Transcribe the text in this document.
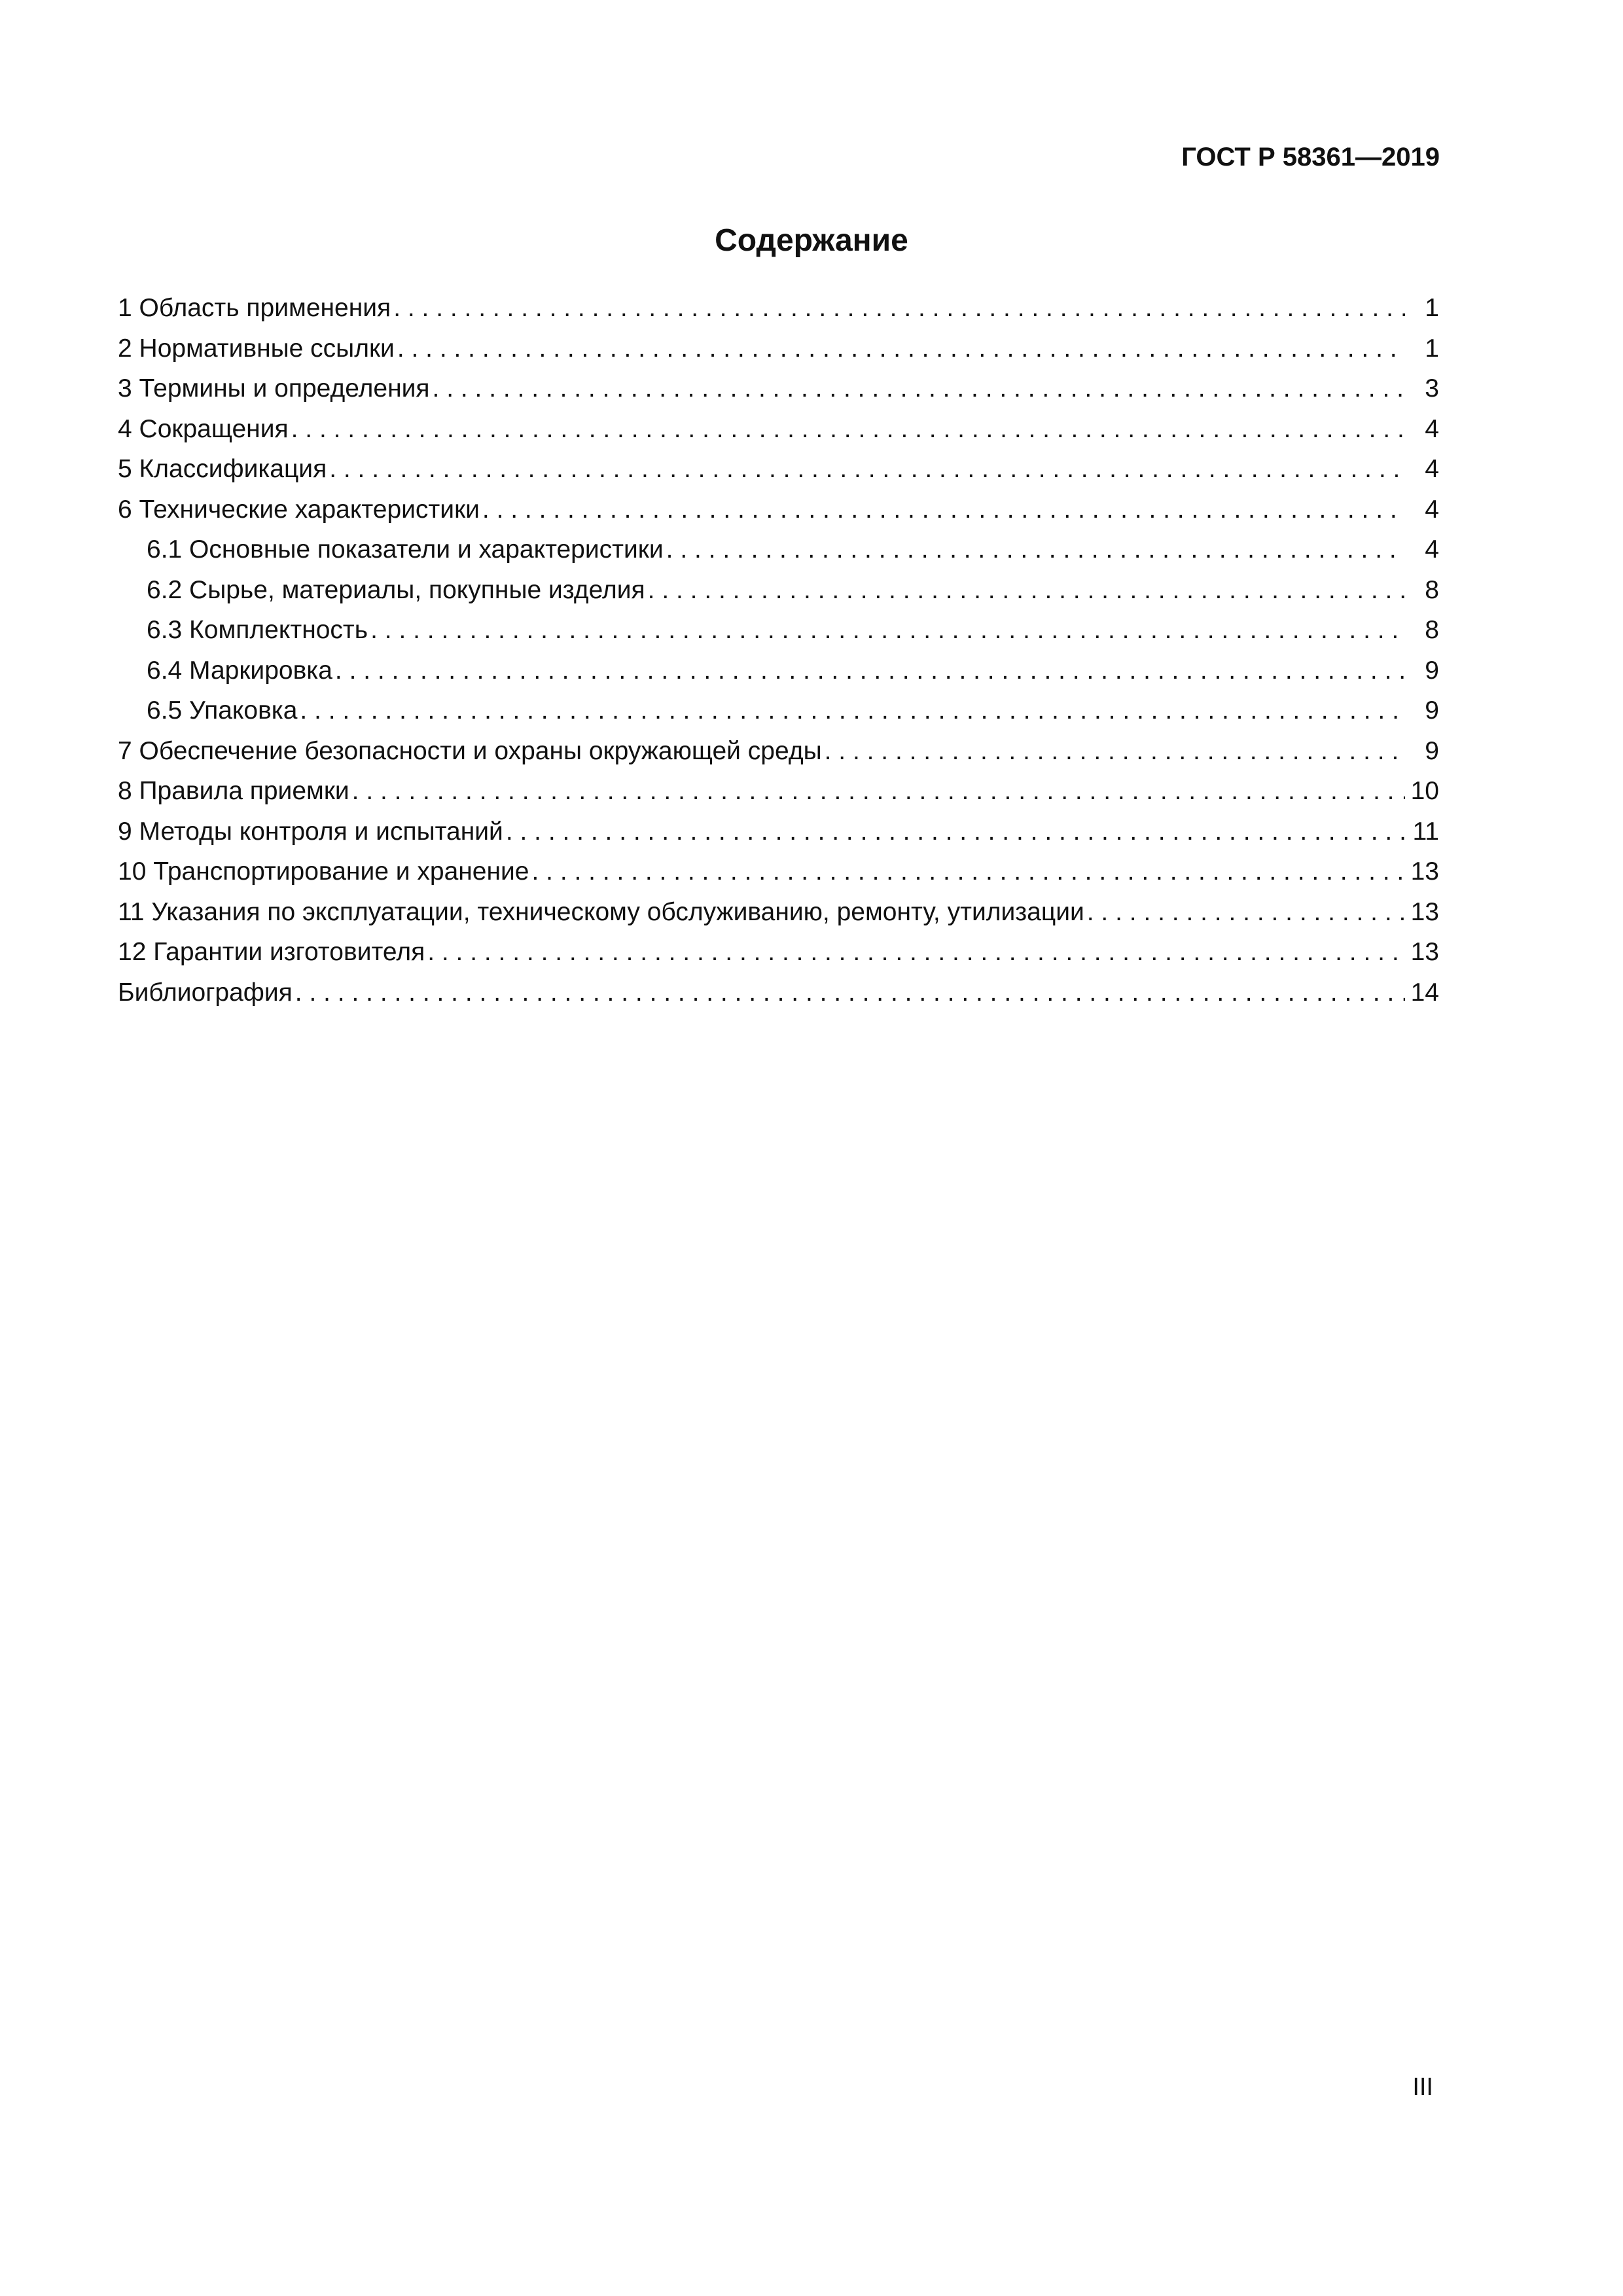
ГОСТ Р 58361—2019
Содержание
1 Область применения . . .	1
2 Нормативные ссылки . . .	1
3 Термины и определения . . .	3
4 Сокращения . . .	4
5 Классификация . . .	4
6 Технические характеристики . . .	4
6.1 Основные показатели и характеристики . . .	4
6.2 Сырье, материалы, покупные изделия . . .	8
6.3 Комплектность . . .	8
6.4 Маркировка . . .	9
6.5 Упаковка . . .	9
7 Обеспечение безопасности и охраны окружающей среды . . .	9
8 Правила приемки . . .	10
9 Методы контроля и испытаний . . .	11
10 Транспортирование и хранение . . .	13
11 Указания по эксплуатации, техническому обслуживанию, ремонту, утилизации . . .	13
12 Гарантии изготовителя . . .	13
Библиография . . .	14
III
